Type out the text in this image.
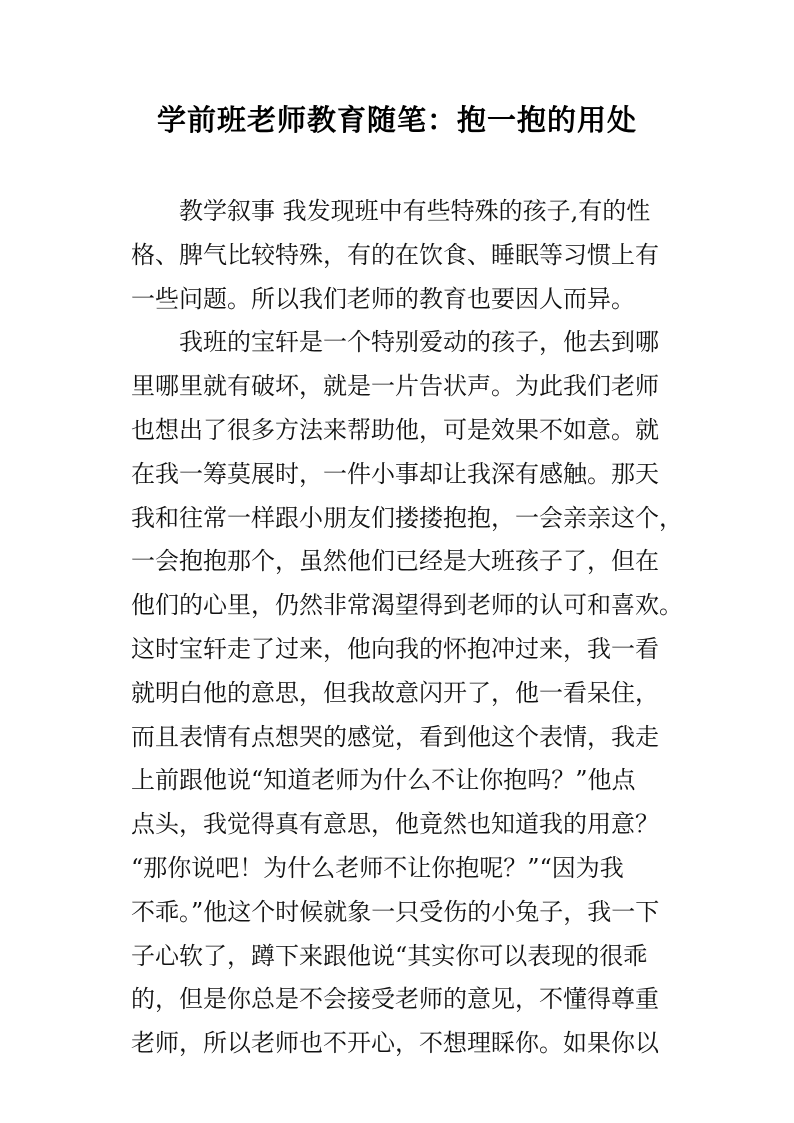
学前班老师教育随笔：抱一抱的用处

教学叙事 我发现班中有些特殊的孩子,有的性

格、脾气比较特殊，有的在饮食、睡眠等习惯上有

一些问题。所以我们老师的教育也要因人而异。

我班的宝轩是一个特别爱动的孩子，他去到哪

里哪里就有破坏，就是一片告状声。为此我们老师

也想出了很多方法来帮助他，可是效果不如意。就

在我一筹莫展时，一件小事却让我深有感触。那天

我和往常一样跟小朋友们搂搂抱抱，一会亲亲这个，

一会抱抱那个，虽然他们已经是大班孩子了，但在

他们的心里，仍然非常渴望得到老师的认可和喜欢。

这时宝轩走了过来，他向我的怀抱冲过来，我一看

就明白他的意思，但我故意闪开了，他一看呆住，

而且表情有点想哭的感觉，看到他这个表情，我走

上前跟他说“知道老师为什么不让你抱吗？”他点

点头，我觉得真有意思，他竟然也知道我的用意？

“那你说吧！为什么老师不让你抱呢？”“因为我

不乖。”他这个时候就象一只受伤的小兔子，我一下

子心软了，蹲下来跟他说“其实你可以表现的很乖

的，但是你总是不会接受老师的意见，不懂得尊重

老师，所以老师也不开心，不想理睬你。如果你以
